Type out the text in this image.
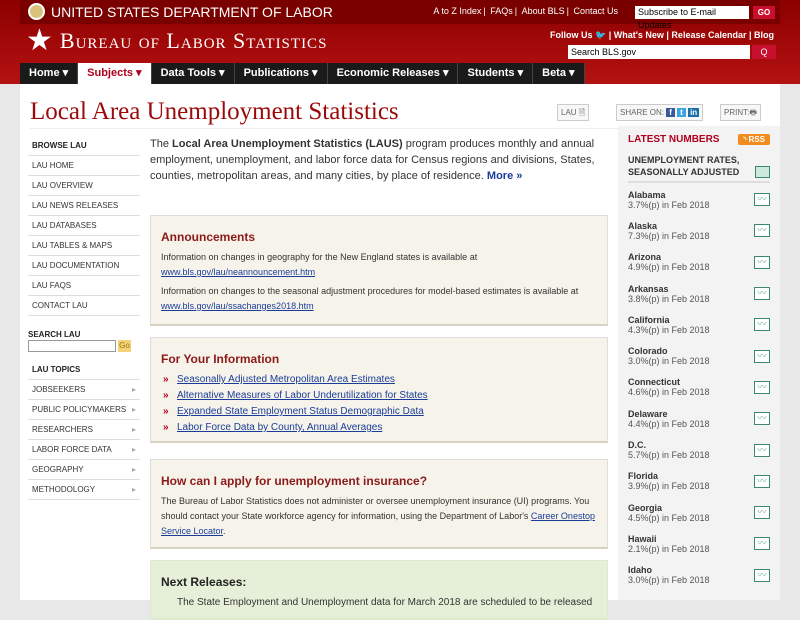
UNITED STATES DEPARTMENT OF LABOR	A to Z Index | FAQs | About BLS | Contact Us	Subscribe to E-mail Updates
GO
★ Bureau of Labor Statistics	Follow Us 🐦 | What's New | Release Calendar | Blog
Search BLS.gov	Q
Home ▾	Subjects ▾	Data Tools ▾	Publications ▾	Economic Releases ▾	Students ▾	Beta ▾
Local Area Unemployment Statistics	LAU 🗎	SHARE ON: f t in	PRINT:🖶
BROWSE LAU
LAU HOME
LAU OVERVIEW
LAU NEWS RELEASES
LAU DATABASES
LAU TABLES & MAPS
LAU DOCUMENTATION
LAU FAQS
CONTACT LAU
SEARCH LAU
Go
LAU TOPICS
JOBSEEKERS	▸
PUBLIC POLICYMAKERS ▸
RESEARCHERS	▸
LABOR FORCE DATA	▸
GEOGRAPHY	▸
METHODOLOGY	▸

The Local Area Unemployment Statistics (LAUS) program produces monthly and annual employment, unemployment, and labor force data for Census regions and divisions, States, counties, metropolitan areas, and many cities, by place of residence. More »

Announcements

Information on changes in geography for the New England states is available at
www.bls.gov/lau/neannouncement.htm

Information on changes to the seasonal adjustment procedures for model-based estimates is available at
www.bls.gov/lau/ssachanges2018.htm

For Your Information
» Seasonally Adjusted Metropolitan Area Estimates
» Alternative Measures of Labor Underutilization for States
» Expanded State Employment Status Demographic Data
» Labor Force Data by County, Annual Averages
How can I apply for unemployment insurance?

The Bureau of Labor Statistics does not administer or oversee unemployment insurance (UI) programs. You should contact your State workforce agency for information, using the Department of Labor's Career Onestop Service Locator.

Next Releases:

The State Employment and Unemployment data for March 2018 are scheduled to be released

LATEST NUMBERS	◝ RSS
UNEMPLOYMENT RATES, SEASONALLY ADJUSTED
Alabama
3.7%(p) in Feb 2018
〰
Alaska
7.3%(p) in Feb 2018
〰
Arizona
4.9%(p) in Feb 2018
〰
Arkansas
3.8%(p) in Feb 2018
〰
California
4.3%(p) in Feb 2018
〰
Colorado
3.0%(p) in Feb 2018
〰
Connecticut
4.6%(p) in Feb 2018
〰
Delaware
4.4%(p) in Feb 2018
〰
D.C.
5.7%(p) in Feb 2018
〰
Florida
3.9%(p) in Feb 2018
〰
Georgia
4.5%(p) in Feb 2018
〰
Hawaii
2.1%(p) in Feb 2018
〰
Idaho
3.0%(p) in Feb 2018
〰
